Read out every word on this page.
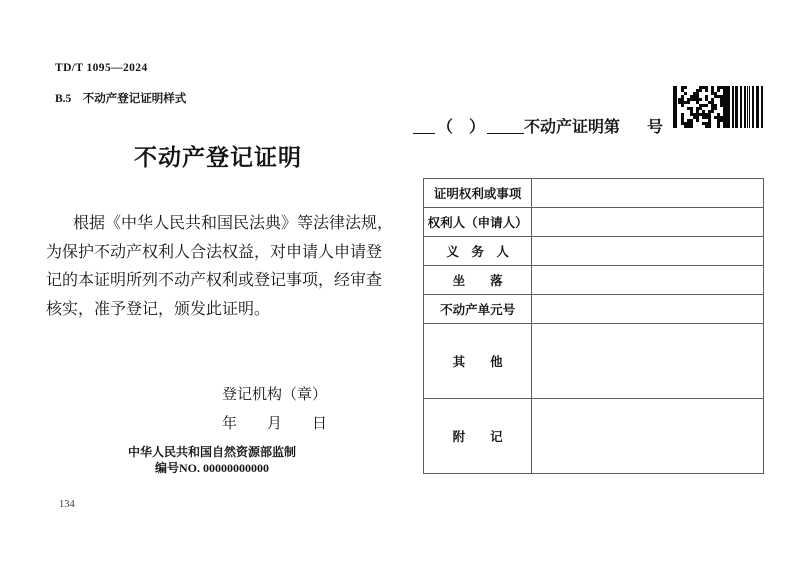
TD/T 1095—2024
B.5　不动产登记证明样式
（　） 不动产证明第 号
不动产登记证明
根据《中华人民共和国民法典》等法律法规，
为保护不动产权利人合法权益，对申请人申请登
记的本证明所列不动产权利或登记事项，经审查
核实，准予登记，颁发此证明。
登记机构（章）
年　　月　　日
中华人民共和国自然资源部监制
编号NO. 00000000000
证明权利或事项	
权利人（申请人）	
义　务　人	
坐　　落	
不动产单元号	
其　　他	
附　　记	
134
